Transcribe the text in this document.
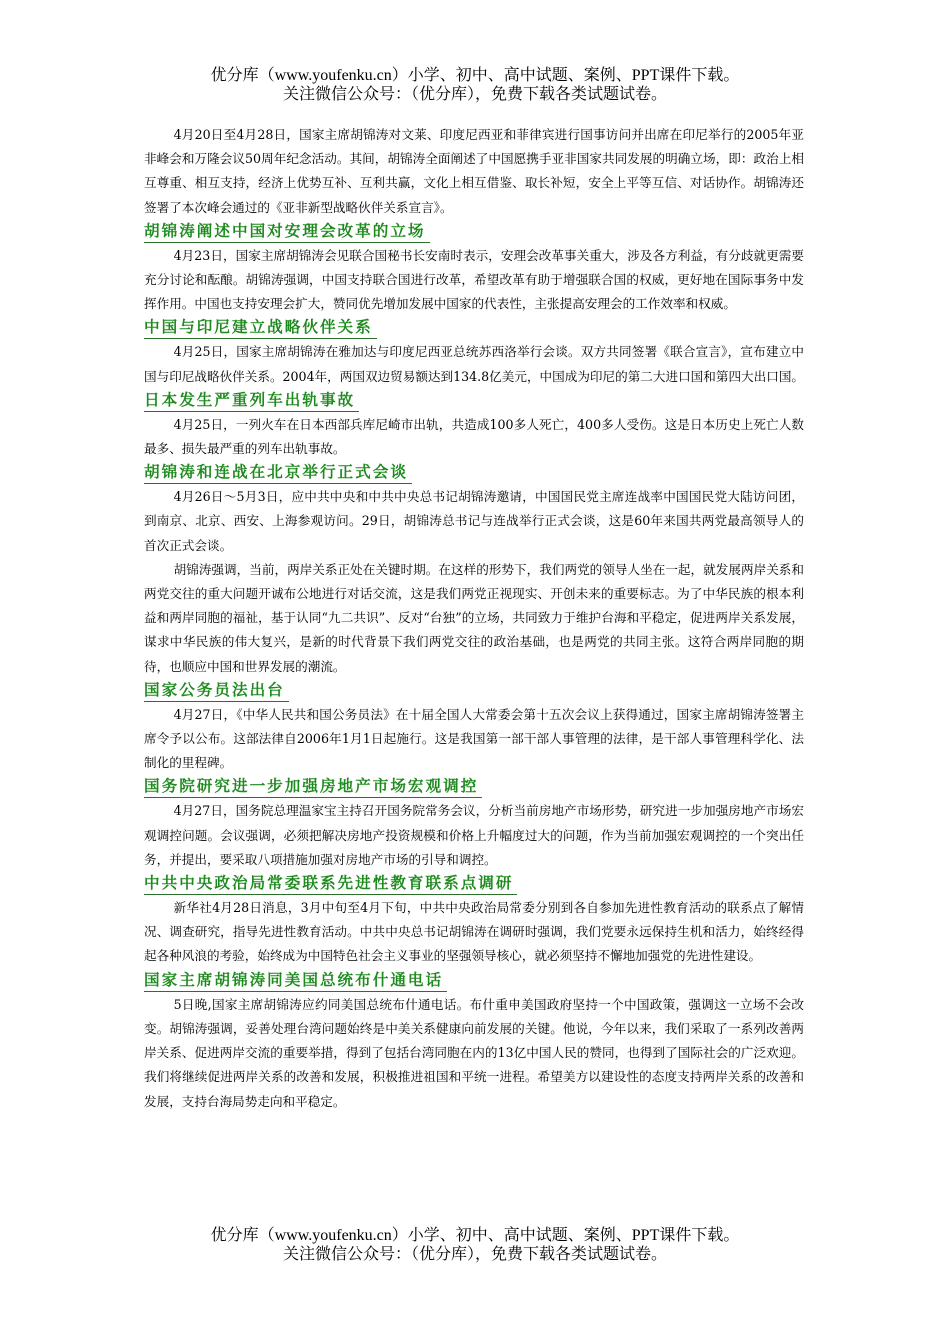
优分库（www.youfenku.cn）小学、初中、高中试题、案例、PPT课件下载。
关注微信公众号：（优分库），免费下载各类试题试卷。

4月20日至4月28日，国家主席胡锦涛对文莱、印度尼西亚和菲律宾进行国事访问并出席在印尼举行的2005年亚非峰会和万隆会议50周年纪念活动。其间，胡锦涛全面阐述了中国愿携手亚非国家共同发展的明确立场，即：政治上相互尊重、相互支持，经济上优势互补、互利共赢，文化上相互借鉴、取长补短，安全上平等互信、对话协作。胡锦涛还签署了本次峰会通过的《亚非新型战略伙伴关系宣言》。

胡锦涛阐述中国对安理会改革的立场

4月23日，国家主席胡锦涛会见联合国秘书长安南时表示，安理会改革事关重大，涉及各方利益，有分歧就更需要充分讨论和酝酿。胡锦涛强调，中国支持联合国进行改革，希望改革有助于增强联合国的权威，更好地在国际事务中发挥作用。中国也支持安理会扩大，赞同优先增加发展中国家的代表性，主张提高安理会的工作效率和权威。

中国与印尼建立战略伙伴关系

4月25日，国家主席胡锦涛在雅加达与印度尼西亚总统苏西洛举行会谈。双方共同签署《联合宣言》，宣布建立中国与印尼战略伙伴关系。2004年，两国双边贸易额达到134.8亿美元，中国成为印尼的第二大进口国和第四大出口国。

日本发生严重列车出轨事故

4月25日，一列火车在日本西部兵库尼崎市出轨，共造成100多人死亡，400多人受伤。这是日本历史上死亡人数最多、损失最严重的列车出轨事故。

胡锦涛和连战在北京举行正式会谈

4月26日～5月3日，应中共中央和中共中央总书记胡锦涛邀请，中国国民党主席连战率中国国民党大陆访问团，到南京、北京、西安、上海参观访问。29日，胡锦涛总书记与连战举行正式会谈，这是60年来国共两党最高领导人的首次正式会谈。

胡锦涛强调，当前，两岸关系正处在关键时期。在这样的形势下，我们两党的领导人坐在一起，就发展两岸关系和两党交往的重大问题开诚布公地进行对话交流，这是我们两党正视现实、开创未来的重要标志。为了中华民族的根本利益和两岸同胞的福祉，基于认同“九二共识”、反对“台独”的立场，共同致力于维护台海和平稳定，促进两岸关系发展，谋求中华民族的伟大复兴，是新的时代背景下我们两党交往的政治基础，也是两党的共同主张。这符合两岸同胞的期待，也顺应中国和世界发展的潮流。

国家公务员法出台

4月27日，《中华人民共和国公务员法》在十届全国人大常委会第十五次会议上获得通过，国家主席胡锦涛签署主席令予以公布。这部法律自2006年1月1日起施行。这是我国第一部干部人事管理的法律，是干部人事管理科学化、法制化的里程碑。

国务院研究进一步加强房地产市场宏观调控

4月27日，国务院总理温家宝主持召开国务院常务会议，分析当前房地产市场形势，研究进一步加强房地产市场宏观调控问题。会议强调，必须把解决房地产投资规模和价格上升幅度过大的问题，作为当前加强宏观调控的一个突出任务，并提出，要采取八项措施加强对房地产市场的引导和调控。

中共中央政治局常委联系先进性教育联系点调研

新华社4月28日消息，3月中旬至4月下旬，中共中央政治局常委分别到各自参加先进性教育活动的联系点了解情况、调查研究，指导先进性教育活动。中共中央总书记胡锦涛在调研时强调，我们党要永远保持生机和活力，始终经得起各种风浪的考验，始终成为中国特色社会主义事业的坚强领导核心，就必须坚持不懈地加强党的先进性建设。

国家主席胡锦涛同美国总统布什通电话

5日晚,国家主席胡锦涛应约同美国总统布什通电话。布什重申美国政府坚持一个中国政策，强调这一立场不会改变。胡锦涛强调，妥善处理台湾问题始终是中美关系健康向前发展的关键。他说，今年以来，我们采取了一系列改善两岸关系、促进两岸交流的重要举措，得到了包括台湾同胞在内的13亿中国人民的赞同，也得到了国际社会的广泛欢迎。我们将继续促进两岸关系的改善和发展，积极推进祖国和平统一进程。希望美方以建设性的态度支持两岸关系的改善和发展，支持台海局势走向和平稳定。

优分库（www.youfenku.cn）小学、初中、高中试题、案例、PPT课件下载。
关注微信公众号：（优分库），免费下载各类试题试卷。
